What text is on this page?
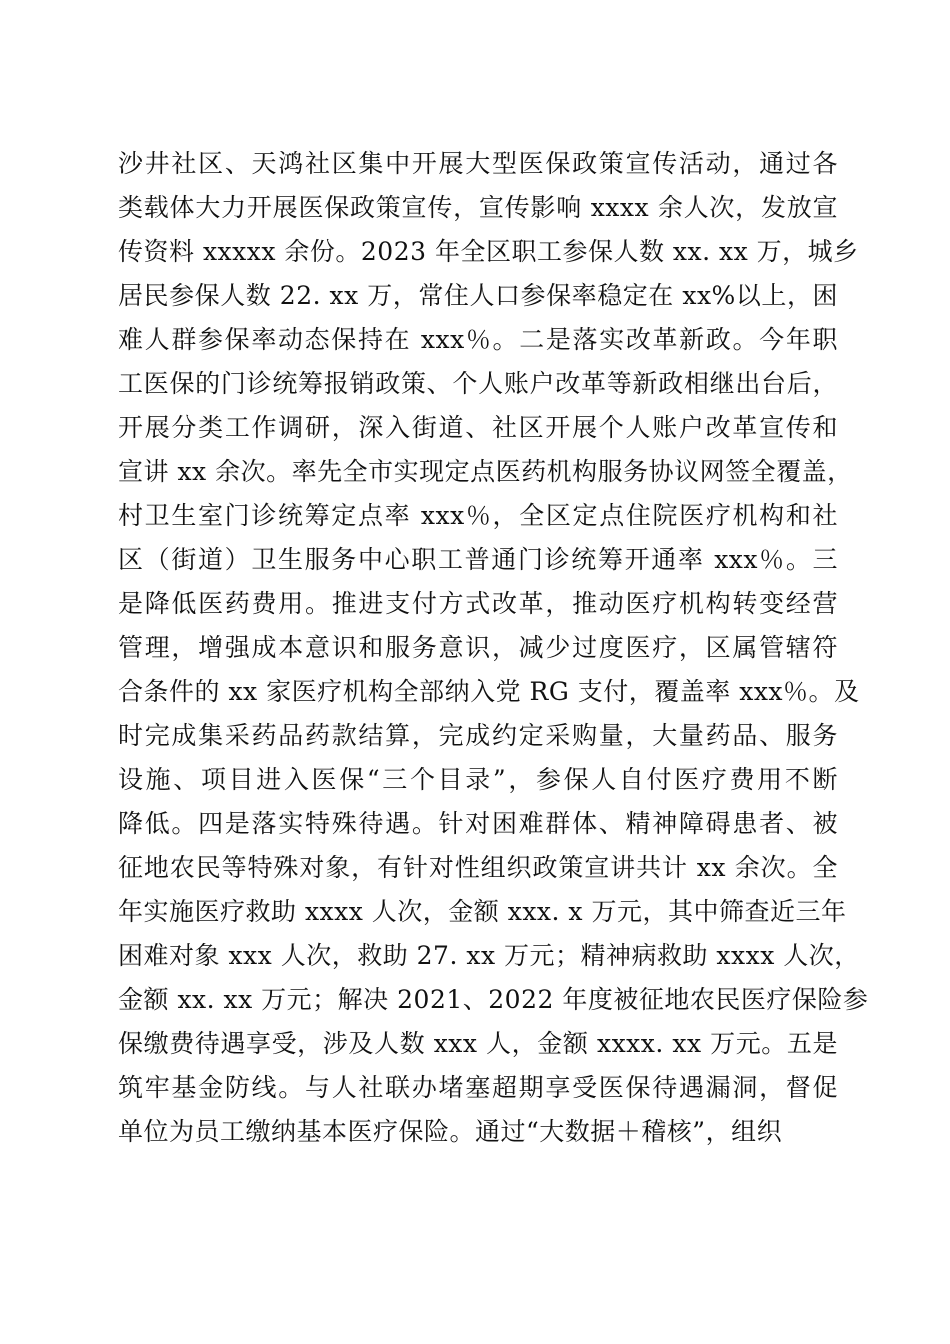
沙井社区、天鸿社区集中开展大型医保政策宣传活动，通过各
类载体大力开展医保政策宣传，宣传影响 xxxx 余人次，发放宣
传资料 xxxxx 余份。2023 年全区职工参保人数 xx. xx 万，城乡
居民参保人数 22. xx 万，常住人口参保率稳定在 xx%以上，困
难人群参保率动态保持在 xxx％。二是落实改革新政。今年职
工医保的门诊统筹报销政策、个人账户改革等新政相继出台后，
开展分类工作调研，深入街道、社区开展个人账户改革宣传和
宣讲 xx 余次。率先全市实现定点医药机构服务协议网签全覆盖，
村卫生室门诊统筹定点率 xxx％，全区定点住院医疗机构和社
区（街道）卫生服务中心职工普通门诊统筹开通率 xxx％。三
是降低医药费用。推进支付方式改革，推动医疗机构转变经营
管理，增强成本意识和服务意识，减少过度医疗，区属管辖符
合条件的 xx 家医疗机构全部纳入党 RG 支付，覆盖率 xxx％。及
时完成集采药品药款结算，完成约定采购量，大量药品、服务
设施、项目进入医保“三个目录”，参保人自付医疗费用不断
降低。四是落实特殊待遇。针对困难群体、精神障碍患者、被
征地农民等特殊对象，有针对性组织政策宣讲共计 xx 余次。全
年实施医疗救助 xxxx 人次，金额 xxx. x 万元，其中筛查近三年
困难对象 xxx 人次，救助 27. xx 万元；精神病救助 xxxx 人次，
金额 xx. xx 万元；解决 2021、2022 年度被征地农民医疗保险参
保缴费待遇享受，涉及人数 xxx 人，金额 xxxx. xx 万元。五是
筑牢基金防线。与人社联办堵塞超期享受医保待遇漏洞，督促
单位为员工缴纳基本医疗保险。通过“大数据＋稽核”，组织
